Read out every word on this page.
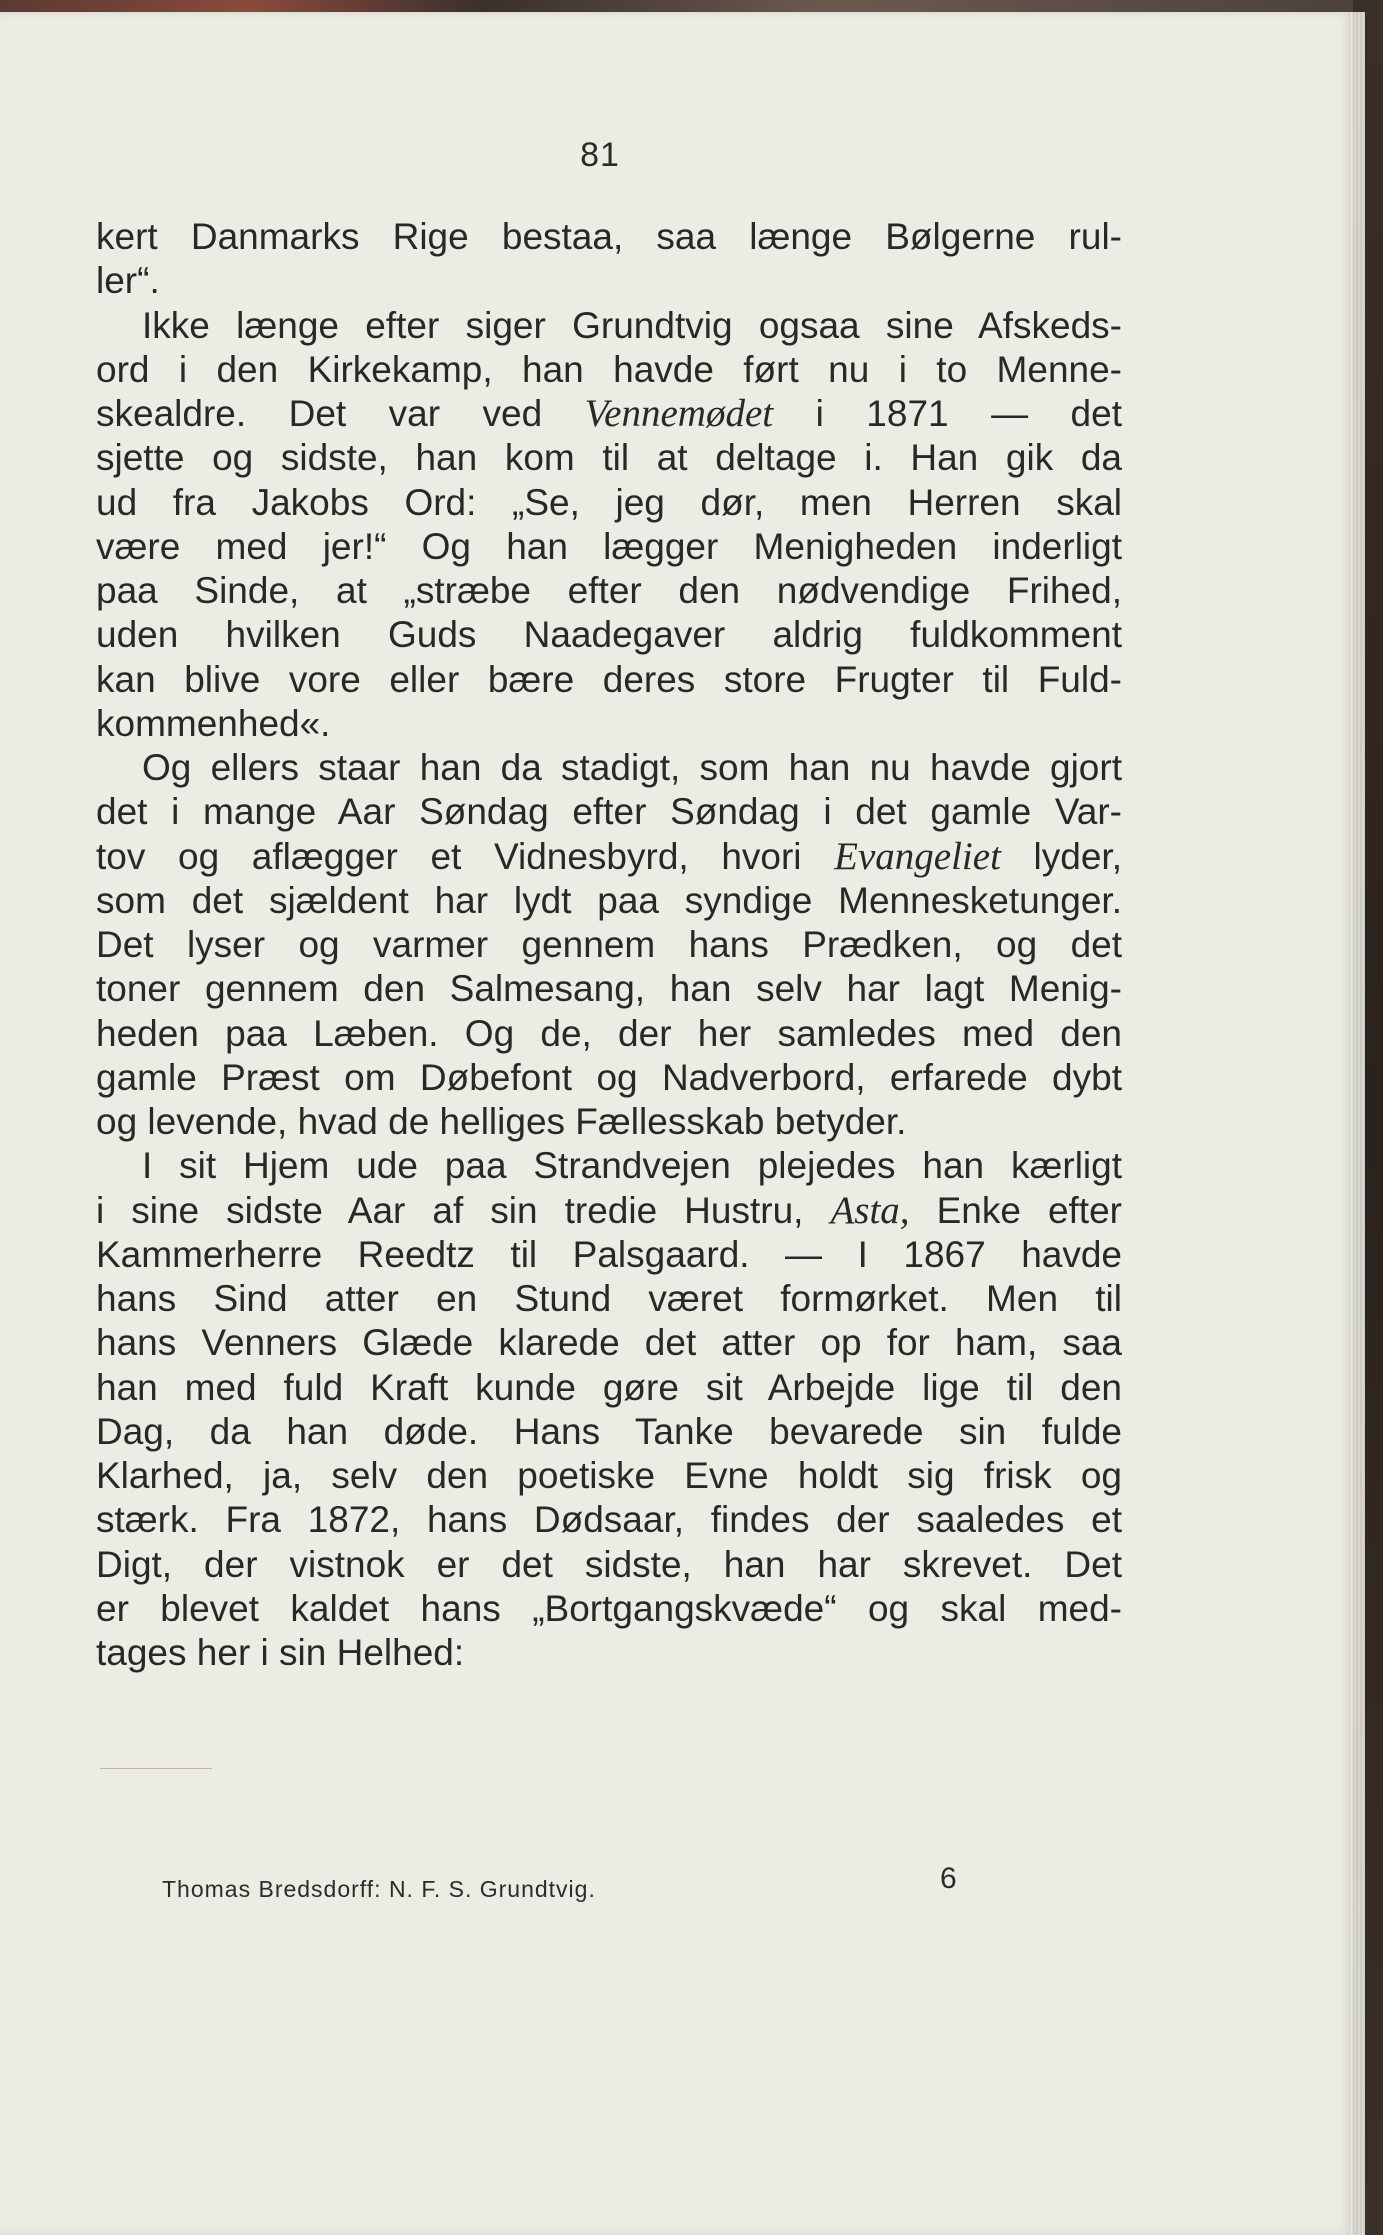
81
kert Danmarks Rige bestaa, saa længe Bølgerne rul-
ler“.
Ikke længe efter siger Grundtvig ogsaa sine Afskeds-
ord i den Kirkekamp, han havde ført nu i to Menne-
skealdre. Det var ved Vennemødet i 1871 — det
sjette og sidste, han kom til at deltage i. Han gik da
ud fra Jakobs Ord: „Se, jeg dør, men Herren skal
være med jer!“ Og han lægger Menigheden inderligt
paa Sinde, at „stræbe efter den nødvendige Frihed,
uden hvilken Guds Naadegaver aldrig fuldkomment
kan blive vore eller bære deres store Frugter til Fuld-
kommenhed«.
Og ellers staar han da stadigt, som han nu havde gjort
det i mange Aar Søndag efter Søndag i det gamle Var-
tov og aflægger et Vidnesbyrd, hvori Evangeliet lyder,
som det sjældent har lydt paa syndige Mennesketunger.
Det lyser og varmer gennem hans Prædken, og det
toner gennem den Salmesang, han selv har lagt Menig-
heden paa Læben. Og de, der her samledes med den
gamle Præst om Døbefont og Nadverbord, erfarede dybt
og levende, hvad de helliges Fællesskab betyder.
I sit Hjem ude paa Strandvejen plejedes han kærligt
i sine sidste Aar af sin tredie Hustru, Asta, Enke efter
Kammerherre Reedtz til Palsgaard. — I 1867 havde
hans Sind atter en Stund været formørket. Men til
hans Venners Glæde klarede det atter op for ham, saa
han med fuld Kraft kunde gøre sit Arbejde lige til den
Dag, da han døde. Hans Tanke bevarede sin fulde
Klarhed, ja, selv den poetiske Evne holdt sig frisk og
stærk. Fra 1872, hans Dødsaar, findes der saaledes et
Digt, der vistnok er det sidste, han har skrevet. Det
er blevet kaldet hans „Bortgangskvæde“ og skal med-
tages her i sin Helhed:
Thomas Bredsdorff: N. F. S. Grundtvig.	6
